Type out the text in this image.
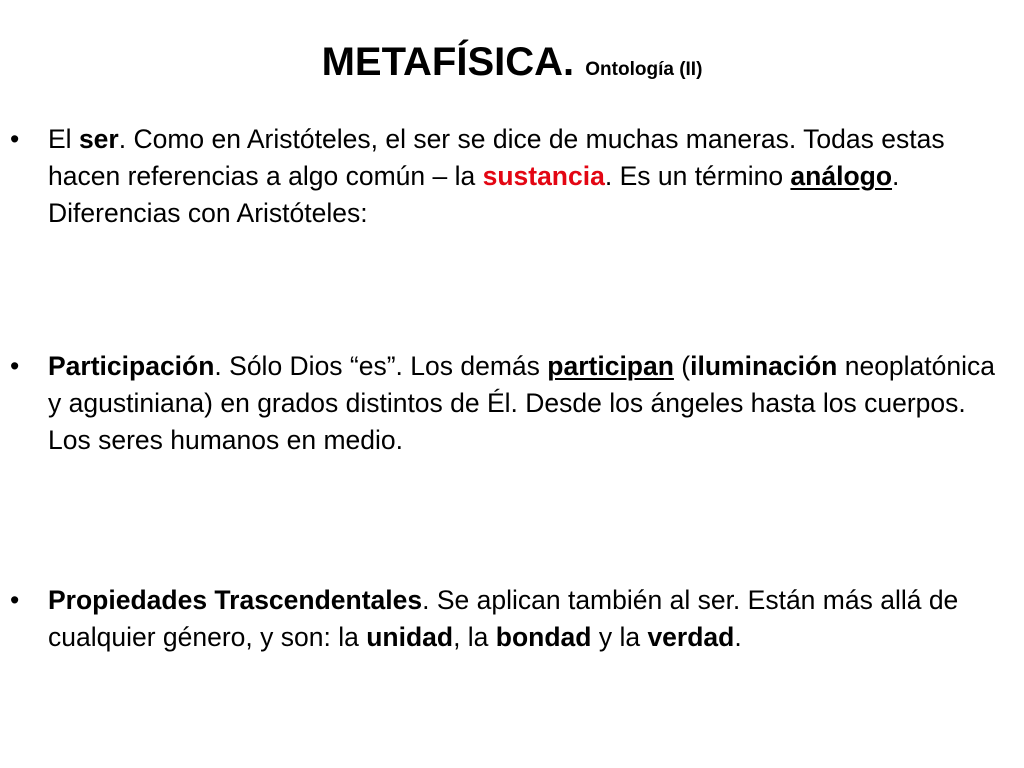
METAFÍSICA. Ontología (II)
•	El ser. Como en Aristóteles, el ser se dice de muchas maneras. Todas estas hacen referencias a algo común – la sustancia. Es un término análogo. Diferencias con Aristóteles:
•	Participación. Sólo Dios “es”. Los demás participan (iluminación neoplatónica y agustiniana) en grados distintos de Él. Desde los ángeles hasta los cuerpos. Los seres humanos en medio.
•	Propiedades Trascendentales. Se aplican también al ser. Están más allá de cualquier género, y son: la unidad, la bondad y la verdad.
